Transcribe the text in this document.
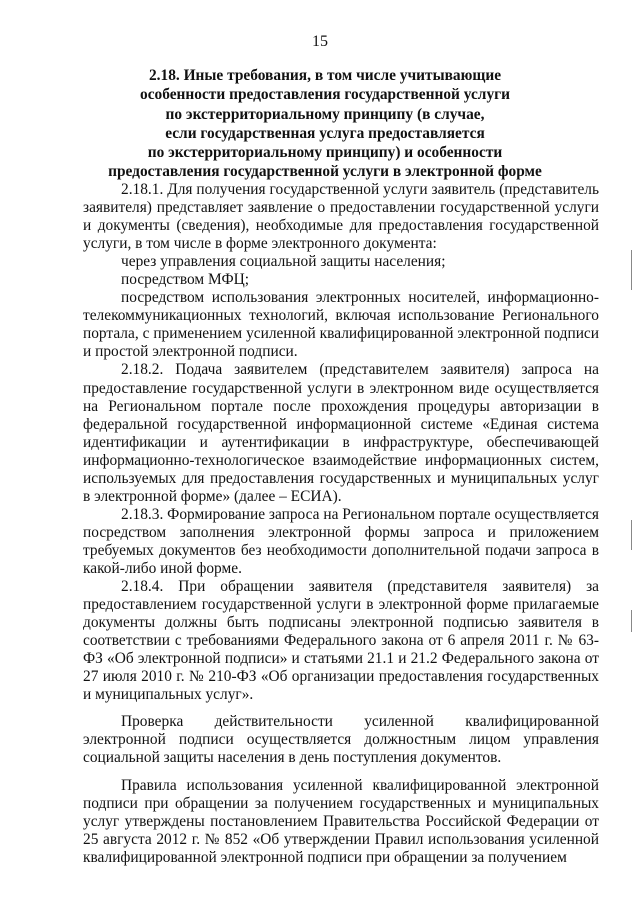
15
2.18. Иные требования, в том числе учитывающие
особенности предоставления государственной услуги
по экстерриториальному принципу (в случае,
если государственная услуга предоставляется
по экстерриториальному принципу) и особенности
предоставления государственной услуги в электронной форме

2.18.1. Для получения государственной услуги заявитель (представитель заявителя) представляет заявление о предоставлении государственной услуги и документы (сведения), необходимые для предоставления государственной услуги, в том числе в форме электронного документа:

через управления социальной защиты населения;

посредством МФЦ;

посредством использования электронных носителей, информационно-телекоммуникационных технологий, включая использование Регионального портала, с применением усиленной квалифицированной электронной подписи и простой электронной подписи.

2.18.2. Подача заявителем (представителем заявителя) запроса на предоставление государственной услуги в электронном виде осуществляется на Региональном портале после прохождения процедуры авторизации в федеральной государственной информационной системе «Единая система идентификации и аутентификации в инфраструктуре, обеспечивающей информационно-технологическое взаимодействие информационных систем, используемых для предоставления государственных и муниципальных услуг в электронной форме» (далее – ЕСИА).

2.18.3. Формирование запроса на Региональном портале осуществляется посредством заполнения электронной формы запроса и приложением требуемых документов без необходимости дополнительной подачи запроса в какой-либо иной форме.

2.18.4. При обращении заявителя (представителя заявителя) за предоставлением государственной услуги в электронной форме прилагаемые документы должны быть подписаны электронной подписью заявителя в соответствии с требованиями Федерального закона от 6 апреля 2011 г. № 63-ФЗ «Об электронной подписи» и статьями 21.1 и 21.2 Федерального закона от 27 июля 2010 г. № 210-ФЗ «Об организации предоставления государственных и муниципальных услуг».

Проверка действительности усиленной квалифицированной электронной подписи осуществляется должностным лицом управления социальной защиты населения в день поступления документов.

Правила использования усиленной квалифицированной электронной подписи при обращении за получением государственных и муниципальных услуг утверждены постановлением Правительства Российской Федерации от 25 августа 2012 г. № 852 «Об утверждении Правил использования усиленной квалифицированной электронной подписи при обращении за получением
